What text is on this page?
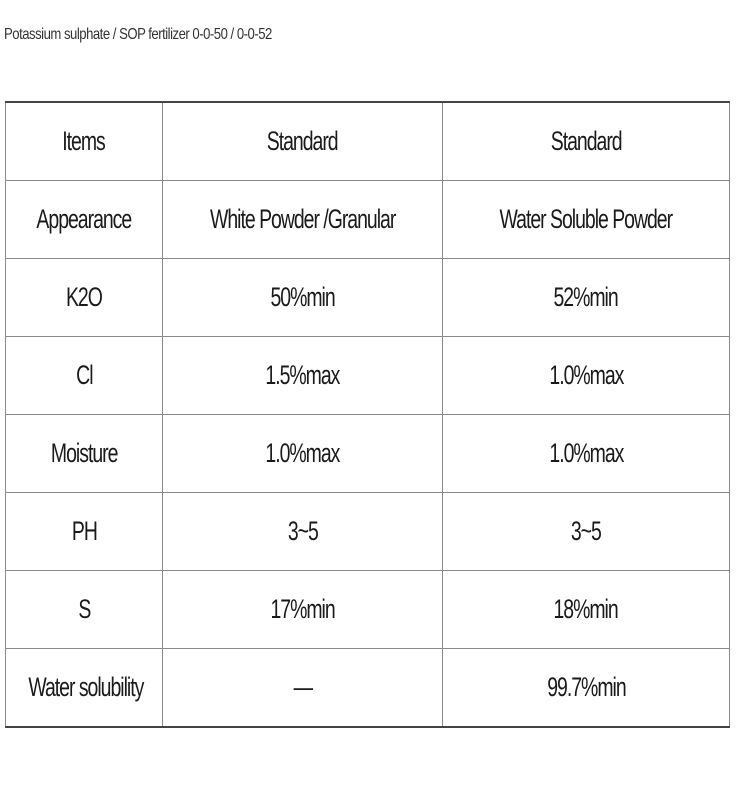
Potassium sulphate / SOP fertilizer 0-0-50 / 0-0-52
Items	Standard	Standard
Appearance	White Powder /Granular	Water Soluble Powder
K2O	50%min	52%min
Cl	1.5%max	1.0%max
Moisture	1.0%max	1.0%max
PH	3~5	3~5
S	17%min	18%min
Water solubility	—	99.7%min
